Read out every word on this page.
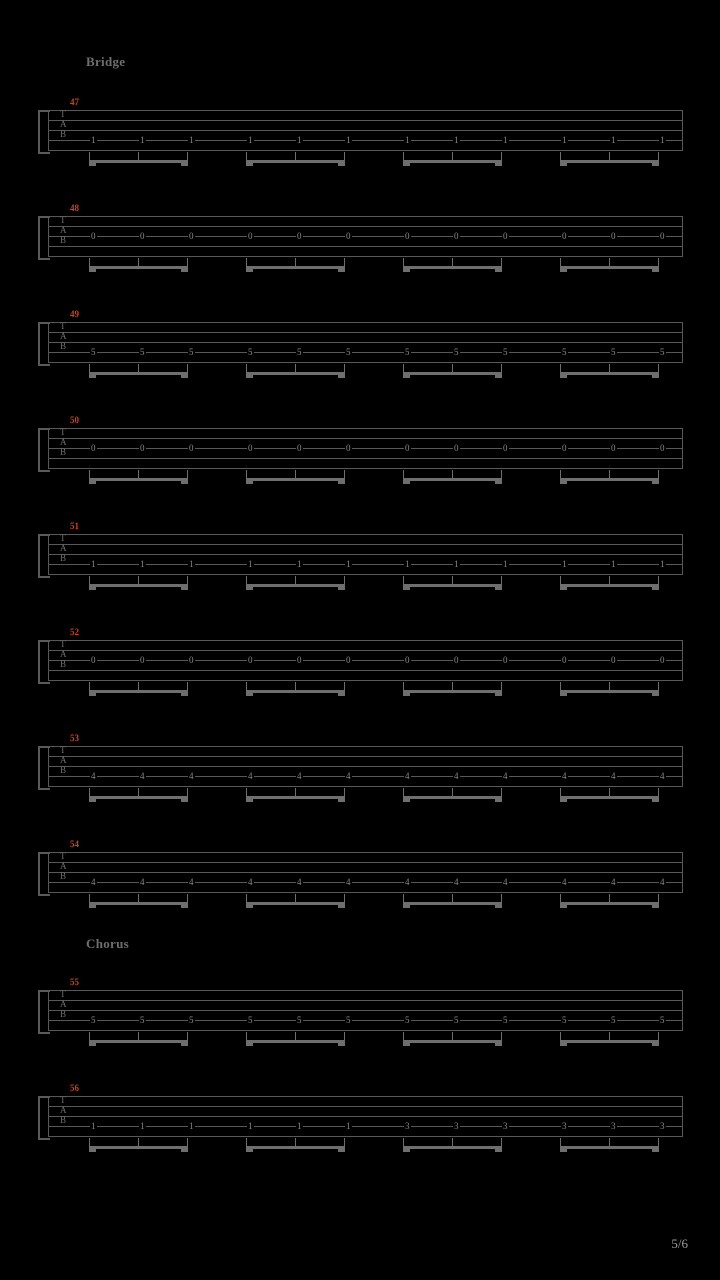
Bridge
Chorus
47
T
A
B
1	1	1	1	1	1	1	1	1	1	1	1
48
T
A
B	0	0	0	0	0	0	0	0	0	0	0	0
49
T
A
B
5	5	5	5	5	5	5	5	5	5	5	5
50
T
A
B	0	0	0	0	0	0	0	0	0	0	0	0
51
T
A
B
1	1	1	1	1	1	1	1	1	1	1	1
52
T
A
B	0	0	0	0	0	0	0	0	0	0	0	0
53
T
A
B
4	4	4	4	4	4	4	4	4	4	4	4
54
T
A
B
4	4	4	4	4	4	4	4	4	4	4	4
55
T
A
B
5	5	5	5	5	5	5	5	5	5	5	5
56
T
A
B
1	1	1	1	1	1	3	3	3	3	3	3
5/6
